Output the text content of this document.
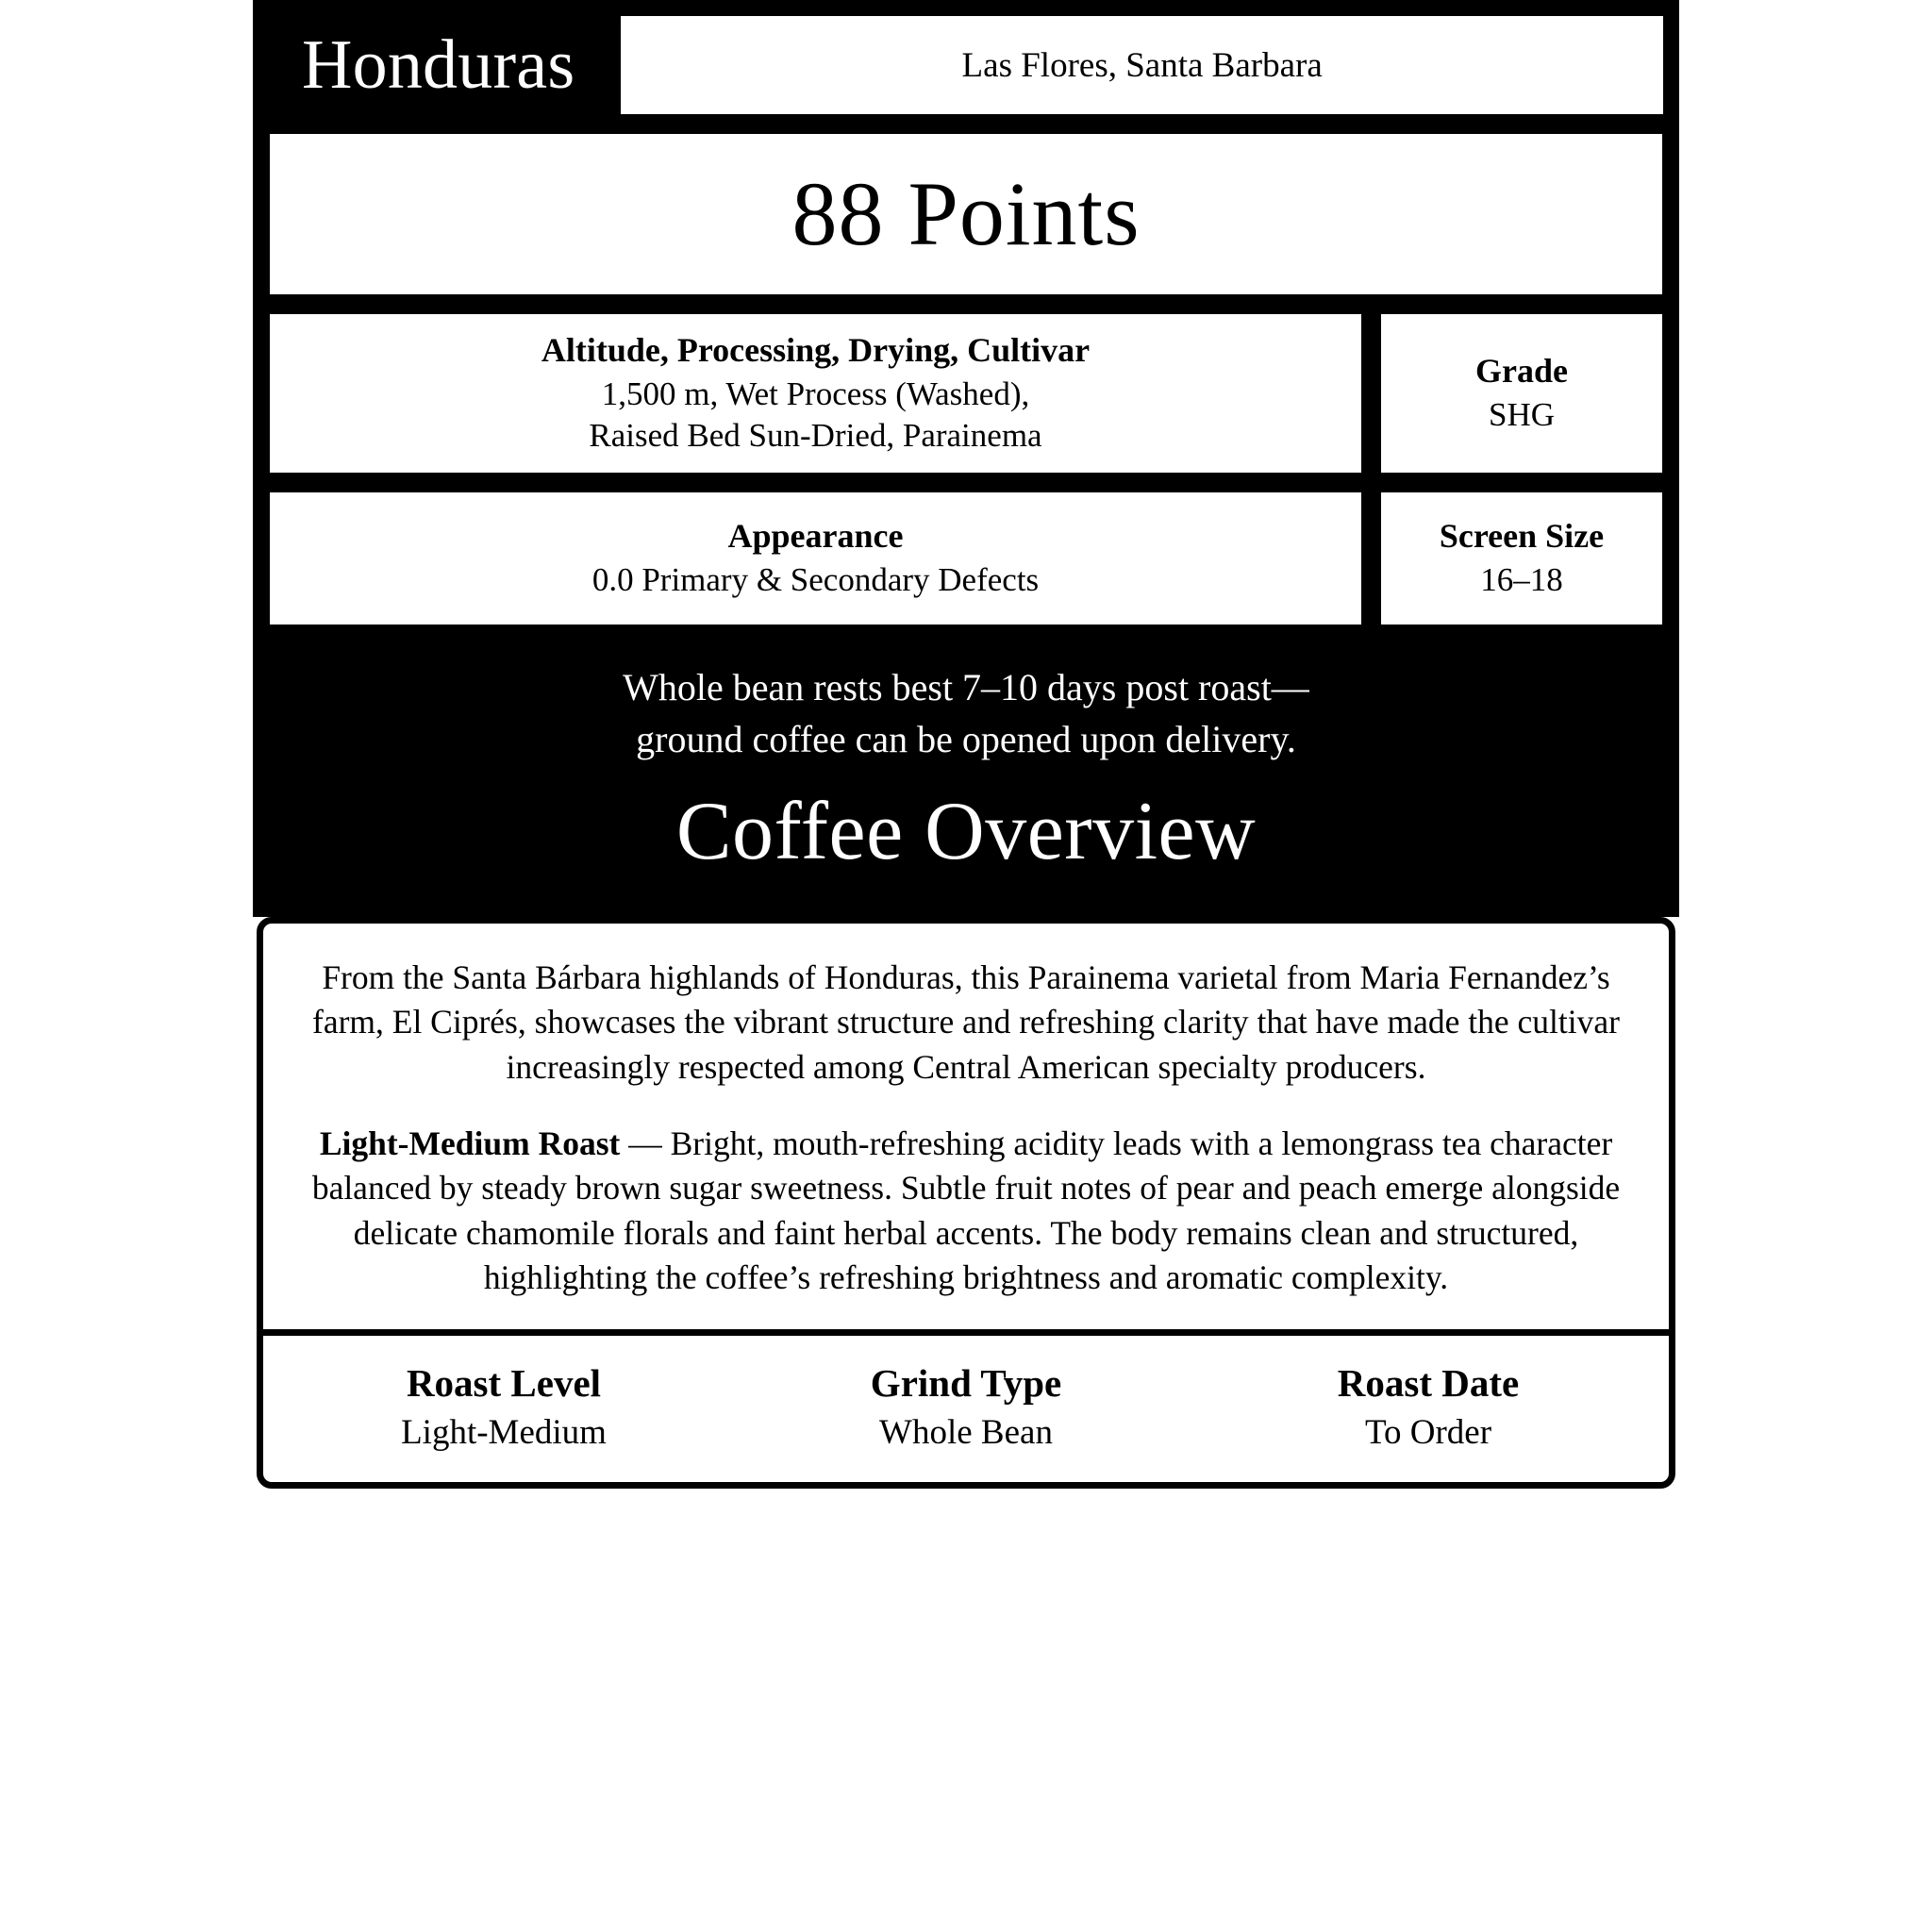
Honduras	Las Flores, Santa Barbara
88 Points
Altitude, Processing, Drying, Cultivar
1,500 m, Wet Process (Washed),
Raised Bed Sun-Dried, Parainema
Grade
SHG
Appearance
0.0 Primary & Secondary Defects
Screen Size
16–18
Whole bean rests best 7–10 days post roast—
ground coffee can be opened upon delivery.
Coffee Overview

From the Santa Bárbara highlands of Honduras, this Parainema varietal from Maria Fernandez’s farm, El Ciprés, showcases the vibrant structure and refreshing clarity that have made the cultivar increasingly respected among Central American specialty producers.

Light-Medium Roast — Bright, mouth-refreshing acidity leads with a lemongrass tea character balanced by steady brown sugar sweetness. Subtle fruit notes of pear and peach emerge alongside delicate chamomile florals and faint herbal accents. The body remains clean and structured, highlighting the coffee’s refreshing brightness and aromatic complexity.

Roast Level
Light-Medium
Grind Type
Whole Bean
Roast Date
To Order
